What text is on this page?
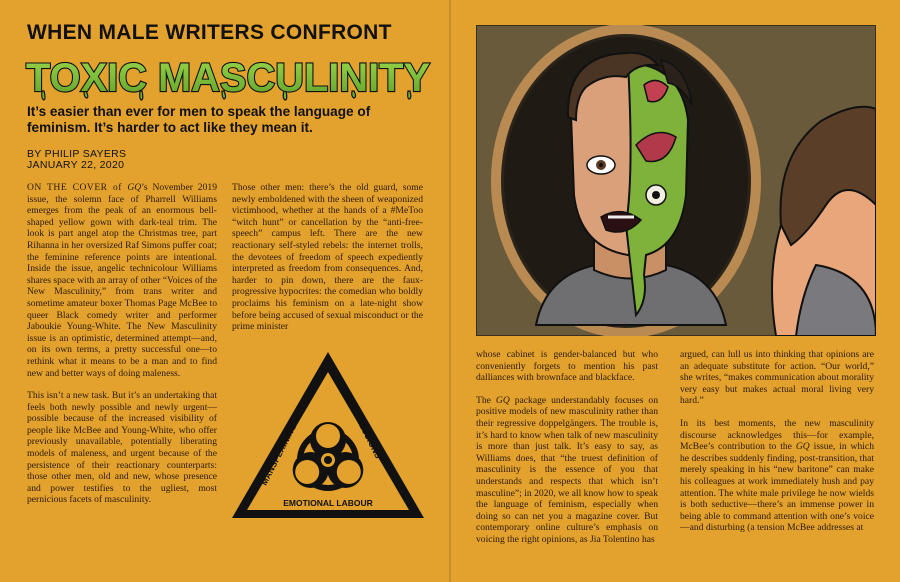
WHEN MALE WRITERS CONFRONT
TOXIC MASCULINITY
It’s easier than ever for men to speak the language of feminism. It’s harder to act like they mean it.
BY PHILIP SAYERS
JANUARY 22, 2020

ON THE COVER of GQ’s November 2019 issue, the solemn face of Pharrell Williams emerges from the peak of an enormous bell-shaped yellow gown with dark-teal trim. The look is part angel atop the Christmas tree, part Rihanna in her oversized Raf Simons puffer coat; the feminine reference points are intentional. Inside the issue, angelic technicolour Williams shares space with an array of other “Voices of the New Masculinity,” from trans writer and sometime amateur boxer Thomas Page McBee to queer Black comedy writer and performer Jaboukie Young-White. The New Masculinity issue is an optimistic, determined attempt—and, on its own terms, a pretty successful one—to rethink what it means to be a man and to find new and better ways of doing maleness.

This isn’t a new task. But it’s an undertaking that feels both newly possible and newly urgent—possible because of the increased visibility of people like McBee and Young-White, who offer previously unavailable, potentially liberating models of maleness, and urgent because of the persistence of their reactionary counterparts: those other men, old and new, whose presence and power testifies to the ugliest, most pernicious facets of masculinity.

Those other men: there’s the old guard, some newly emboldened with the sheen of weaponized victimhood, whether at the hands of a #MeToo “witch hunt” or cancellation by the “anti-free-speech” campus left. There are the new reactionary self-styled rebels: the internet trolls, the devotees of freedom of speech expediently interpreted as freedom from consequences. And, harder to pin down, there are the faux-progressive hypocrites: the comedian who boldly proclaims his feminism on a late-night show before being accused of sexual misconduct or the prime minister

MANSPLAINING
MICROAGGRESSIONS
EMOTIONAL LABOUR

whose cabinet is gender-balanced but who conveniently forgets to mention his past dalliances with brownface and blackface.

The GQ package understandably focuses on positive models of new masculinity rather than their regressive doppelgängers. The trouble is, it’s hard to know when talk of new masculinity is more than just talk. It’s easy to say, as Williams does, that “the truest definition of masculinity is the essence of you that understands and respects that which isn’t masculine”; in 2020, we all know how to speak the language of feminism, especially when doing so can net you a magazine cover. But contemporary online culture’s emphasis on voicing the right opinions, as Jia Tolentino has

argued, can lull us into thinking that opinions are an adequate substitute for action. “Our world,” she writes, “makes communication about morality very easy but makes actual moral living very hard.”

In its best moments, the new masculinity discourse acknowledges this—for example, McBee’s contribution to the GQ issue, in which he describes suddenly finding, post-transition, that merely speaking in his “new baritone” can make his colleagues at work immediately hush and pay attention. The white male privilege he now wields is both seductive—there’s an immense power in being able to command attention with one’s voice—and disturbing (a tension McBee addresses at
